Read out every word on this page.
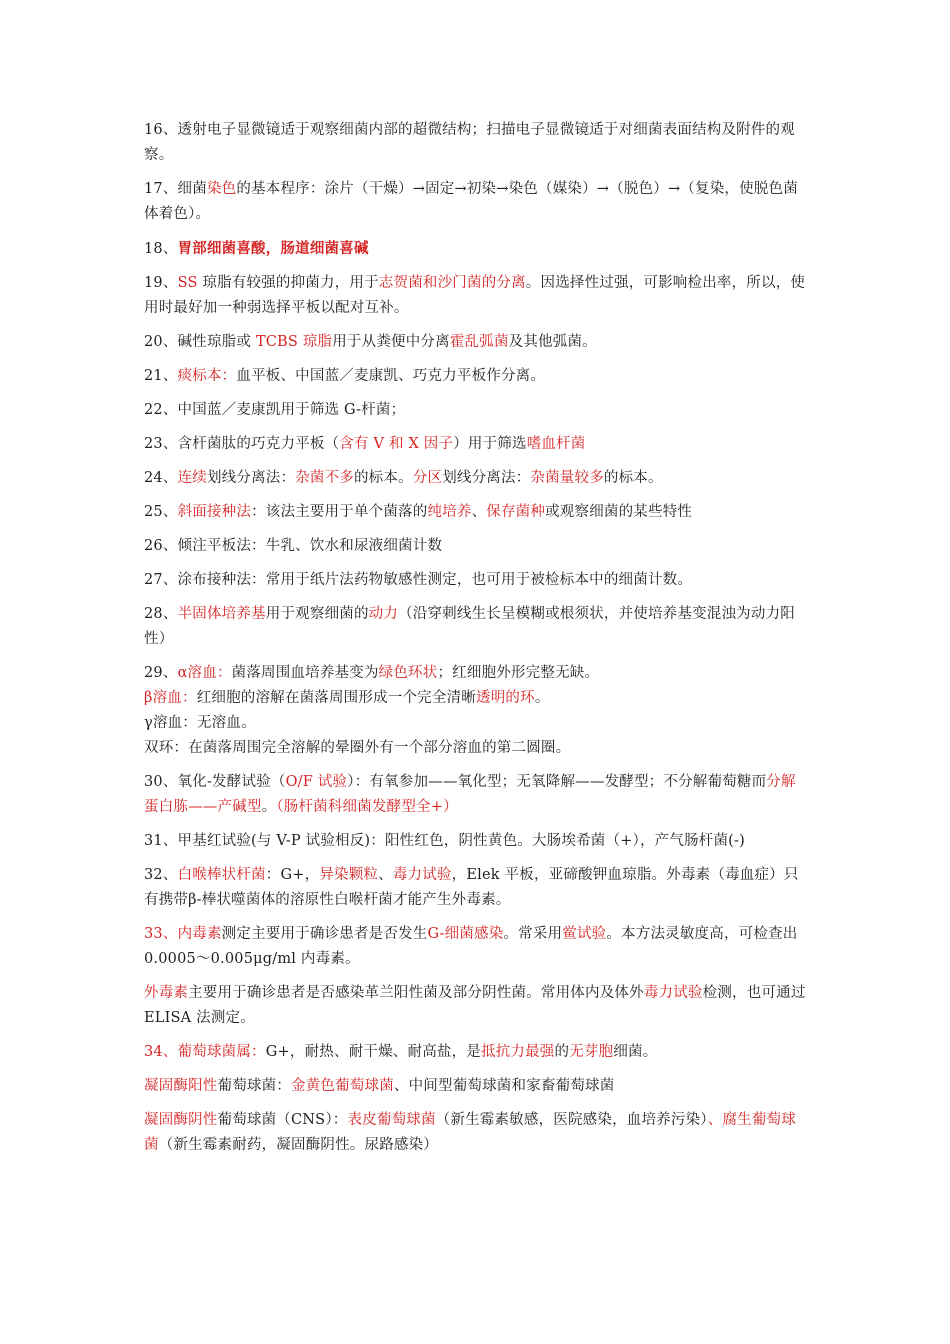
16、透射电子显微镜适于观察细菌内部的超微结构；扫描电子显微镜适于对细菌表面结构及附件的观察。

17、细菌染色的基本程序：涂片（干燥）→固定→初染→染色（媒染）→（脱色）→（复染，使脱色菌体着色）。

18、胃部细菌喜酸，肠道细菌喜碱

19、SS 琼脂有较强的抑菌力，用于志贺菌和沙门菌的分离。因选择性过强，可影响检出率，所以，使用时最好加一种弱选择平板以配对互补。

20、碱性琼脂或 TCBS 琼脂用于从粪便中分离霍乱弧菌及其他弧菌。

21、痰标本：血平板、中国蓝／麦康凯、巧克力平板作分离。

22、中国蓝／麦康凯用于筛选 G-杆菌；

23、含杆菌肽的巧克力平板（含有 V 和 X 因子）用于筛选嗜血杆菌

24、连续划线分离法：杂菌不多的标本。分区划线分离法：杂菌量较多的标本。

25、斜面接种法：该法主要用于单个菌落的纯培养、保存菌种或观察细菌的某些特性

26、倾注平板法：牛乳、饮水和尿液细菌计数

27、涂布接种法：常用于纸片法药物敏感性测定，也可用于被检标本中的细菌计数。

28、半固体培养基用于观察细菌的动力（沿穿刺线生长呈模糊或根须状，并使培养基变混浊为动力阳性）

29、α溶血：菌落周围血培养基变为绿色环状；红细胞外形完整无缺。

β溶血：红细胞的溶解在菌落周围形成一个完全清晰透明的环。

γ溶血：无溶血。

双环：在菌落周围完全溶解的晕圈外有一个部分溶血的第二圆圈。

30、氧化-发酵试验（O/F 试验）：有氧参加——氧化型；无氧降解——发酵型；不分解葡萄糖而分解蛋白胨——产碱型。（肠杆菌科细菌发酵型全+）

31、甲基红试验(与 V-P 试验相反)：阳性红色，阴性黄色。大肠埃希菌（+），产气肠杆菌(-)

32、白喉棒状杆菌：G+，异染颗粒、毒力试验，Elek 平板，亚碲酸钾血琼脂。外毒素（毒血症）只有携带β-棒状噬菌体的溶原性白喉杆菌才能产生外毒素。

33、内毒素测定主要用于确诊患者是否发生G-细菌感染。常采用鲎试验。本方法灵敏度高，可检查出 0.0005～0.005μg/ml 内毒素。

外毒素主要用于确诊患者是否感染革兰阳性菌及部分阴性菌。常用体内及体外毒力试验检测，也可通过 ELISA 法测定。

34、葡萄球菌属：G+，耐热、耐干燥、耐高盐，是抵抗力最强的无芽胞细菌。

凝固酶阳性葡萄球菌：金黄色葡萄球菌、中间型葡萄球菌和家畜葡萄球菌

凝固酶阴性葡萄球菌（CNS）：表皮葡萄球菌（新生霉素敏感，医院感染，血培养污染）、腐生葡萄球菌（新生霉素耐药，凝固酶阴性。尿路感染）
